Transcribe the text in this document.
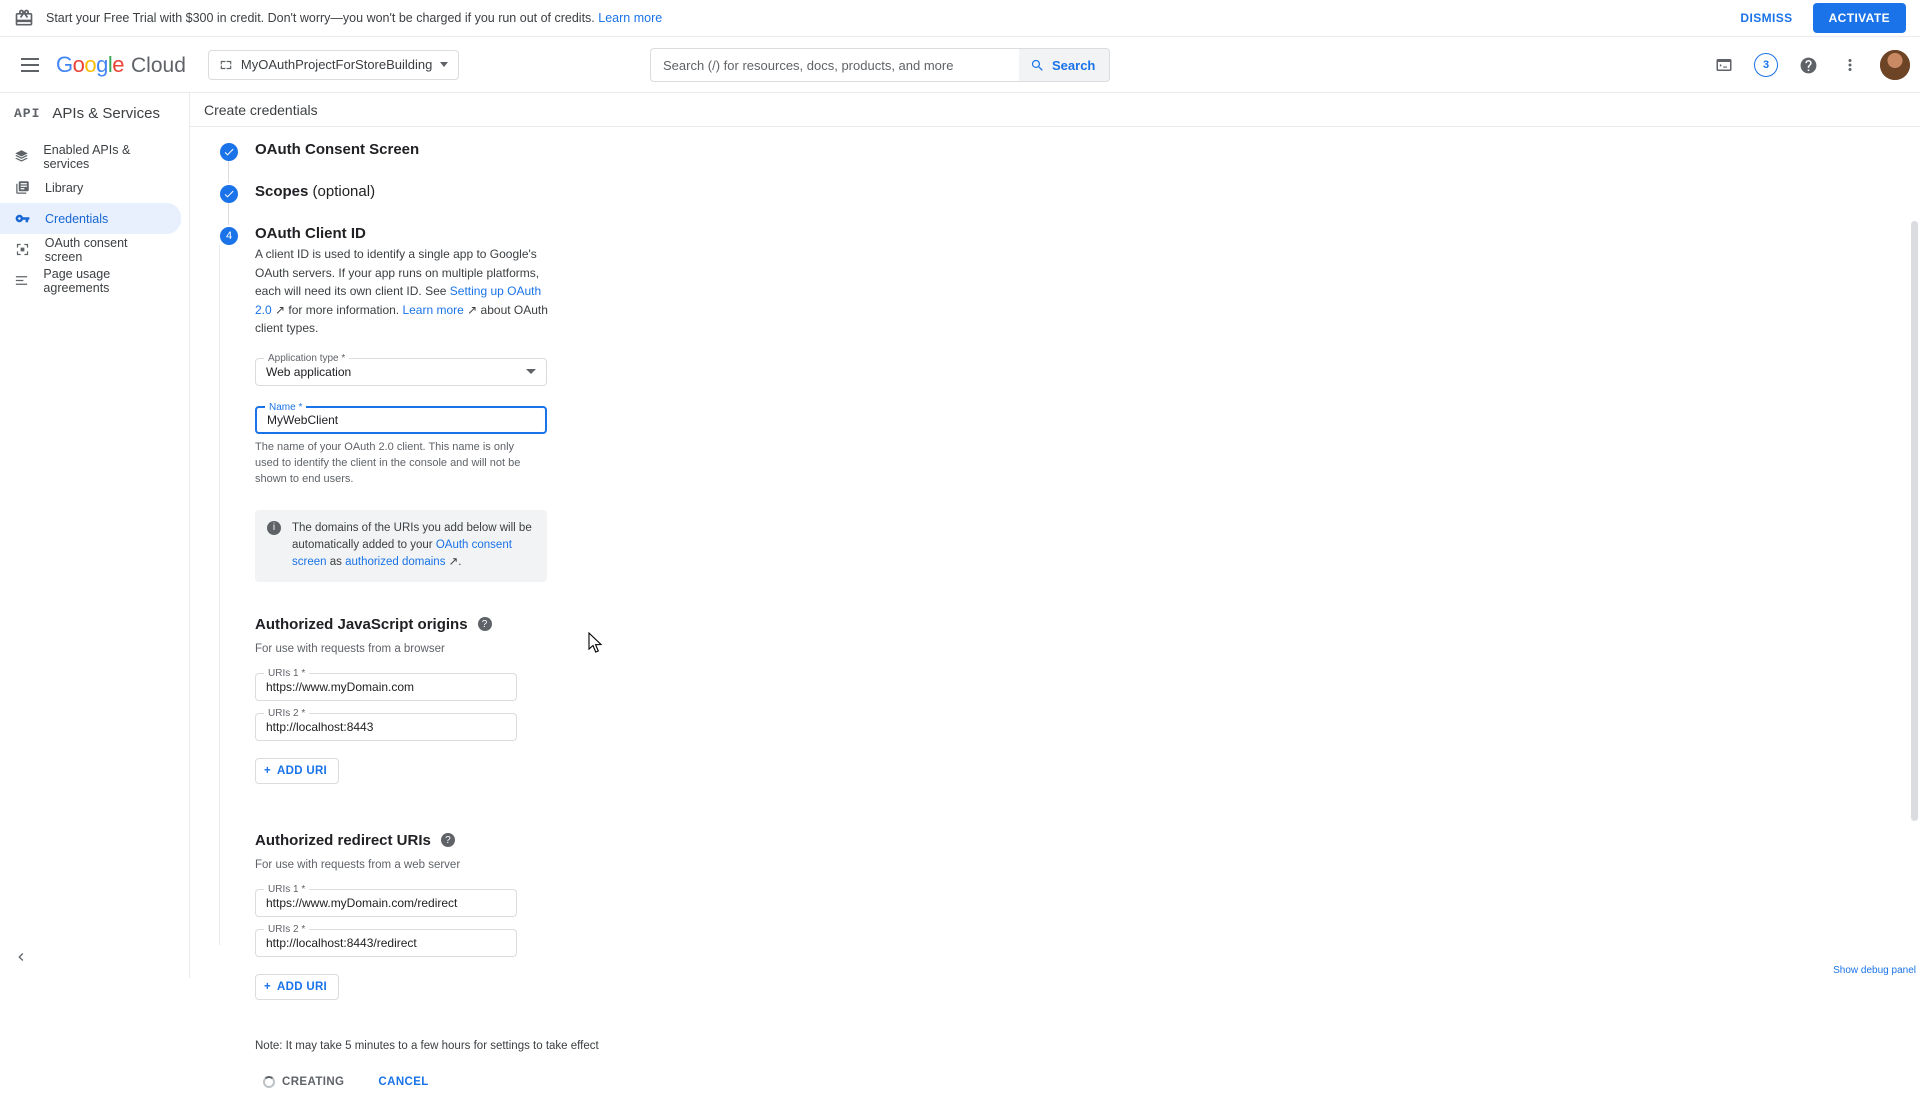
Start your Free Trial with $300 in credit. Don't worry—you won't be charged if you run out of credits. Learn more	DISMISS	ACTIVATE
Google Cloud	MyOAuthProjectForStoreBuilding
Search (/) for resources, docs, products, and more	Search	3
API APIs & Services
Enabled APIs & services
Library
Credentials
OAuth consent screen
Page usage agreements
Create credentials
OAuth Consent Screen
Scopes (optional)
4	OAuth Client ID
A client ID is used to identify a single app to Google's OAuth servers. If your app runs on multiple platforms, each will need its own client ID. See Setting up OAuth 2.0 ↗ for more information. Learn more ↗ about OAuth client types.
Application type *
Web application
Name *
MyWebClient
The name of your OAuth 2.0 client. This name is only used to identify the client in the console and will not be shown to end users.
i	The domains of the URIs you add below will be automatically added to your OAuth consent screen as authorized domains ↗.
Authorized JavaScript origins	?
For use with requests from a browser
URIs 1 *
https://www.myDomain.com
URIs 2 *
http://localhost:8443
+ ADD URI
Authorized redirect URIs	?
For use with requests from a web server
URIs 1 *
https://www.myDomain.com/redirect
URIs 2 *
http://localhost:8443/redirect
+ ADD URI
Note: It may take 5 minutes to a few hours for settings to take effect
CREATING	CANCEL
Show debug panel
